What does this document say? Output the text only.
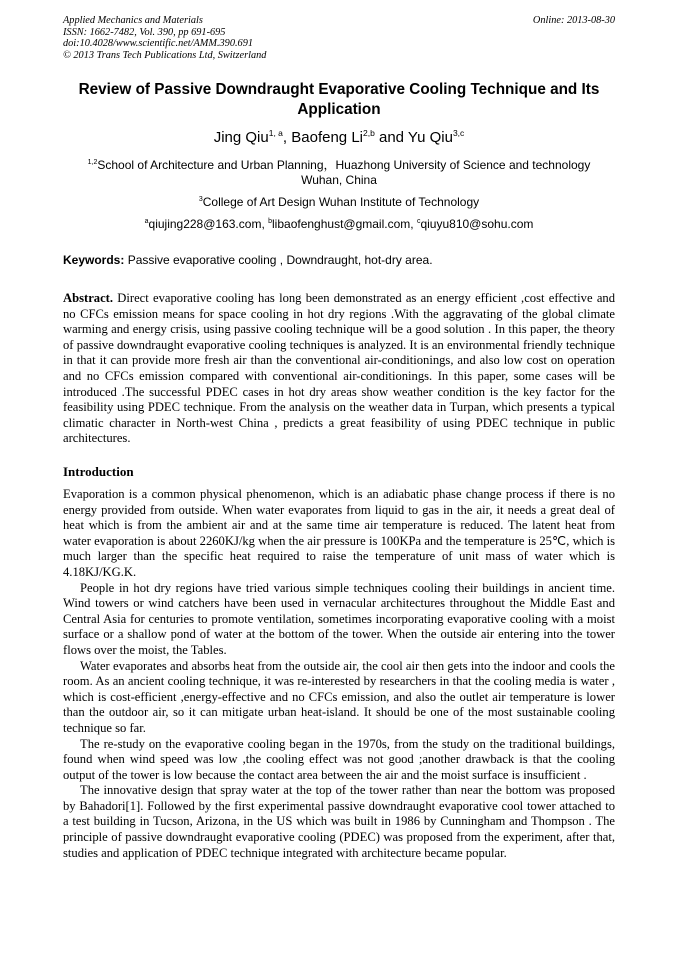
Applied Mechanics and Materials
ISSN: 1662-7482, Vol. 390, pp 691-695
doi:10.4028/www.scientific.net/AMM.390.691
© 2013 Trans Tech Publications Ltd, Switzerland
Online: 2013-08-30
Review of Passive Downdraught Evaporative Cooling Technique and Its
Application
Jing Qiu$^{1, a}$, Baofeng Li$^{2,b}$ and Yu Qiu$^{3,c}$
$^{1,2}$School of Architecture and Urban Planning，Huazhong University of Science and technology
Wuhan, China
$^3$College of Art Design Wuhan Institute of Technology
$^a$qiujing228@163.com, $^b$libaofenghust@gmail.com, $^c$qiuyu810@sohu.com
Keywords: Passive evaporative cooling , Downdraught, hot-dry area.

Abstract. Direct evaporative cooling has long been demonstrated as an energy efficient ,cost effective and no CFCs emission means for space cooling in hot dry regions .With the aggravating of the global climate warming and energy crisis, using passive cooling technique will be a good solution . In this paper, the theory of passive downdraught evaporative cooling techniques is analyzed. It is an environmental friendly technique in that it can provide more fresh air than the conventional air-conditionings, and also low cost on operation and no CFCs emission compared with conventional air-conditionings. In this paper, some cases will be introduced .The successful PDEC cases in hot dry areas show weather condition is the key factor for the feasibility using PDEC technique. From the analysis on the weather data in Turpan, which presents a typical climatic character in North-west China , predicts a great feasibility of using PDEC technique in public architectures.

Introduction

Evaporation is a common physical phenomenon, which is an adiabatic phase change process if there is no energy provided from outside. When water evaporates from liquid to gas in the air, it needs a great deal of heat which is from the ambient air and at the same time air temperature is reduced. The latent heat from water evaporation is about 2260KJ/kg when the air pressure is 100KPa and the temperature is 25℃, which is much larger than the specific heat required to raise the temperature of unit mass of water which is 4.18KJ/KG.K.

People in hot dry regions have tried various simple techniques cooling their buildings in ancient time. Wind towers or wind catchers have been used in vernacular architectures throughout the Middle East and Central Asia for centuries to promote ventilation, sometimes incorporating evaporative cooling with a moist surface or a shallow pond of water at the bottom of the tower. When the outside air entering into the tower flows over the moist, the Tables.

Water evaporates and absorbs heat from the outside air, the cool air then gets into the indoor and cools the room. As an ancient cooling technique, it was re-interested by researchers in that the cooling media is water , which is cost-efficient ,energy-effective and no CFCs emission, and also the outlet air temperature is lower than the outdoor air, so it can mitigate urban heat-island. It should be one of the most sustainable cooling technique so far.

The re-study on the evaporative cooling began in the 1970s, from the study on the traditional buildings, found when wind speed was low ,the cooling effect was not good ;another drawback is that the cooling output of the tower is low because the contact area between the air and the moist surface is insufficient .

The innovative design that spray water at the top of the tower rather than near the bottom was proposed by Bahadori[1]. Followed by the first experimental passive downdraught evaporative cool tower attached to a test building in Tucson, Arizona, in the US which was built in 1986 by Cunningham and Thompson . The principle of passive downdraught evaporative cooling (PDEC) was proposed from the experiment, after that, studies and application of PDEC technique integrated with architecture became popular.
